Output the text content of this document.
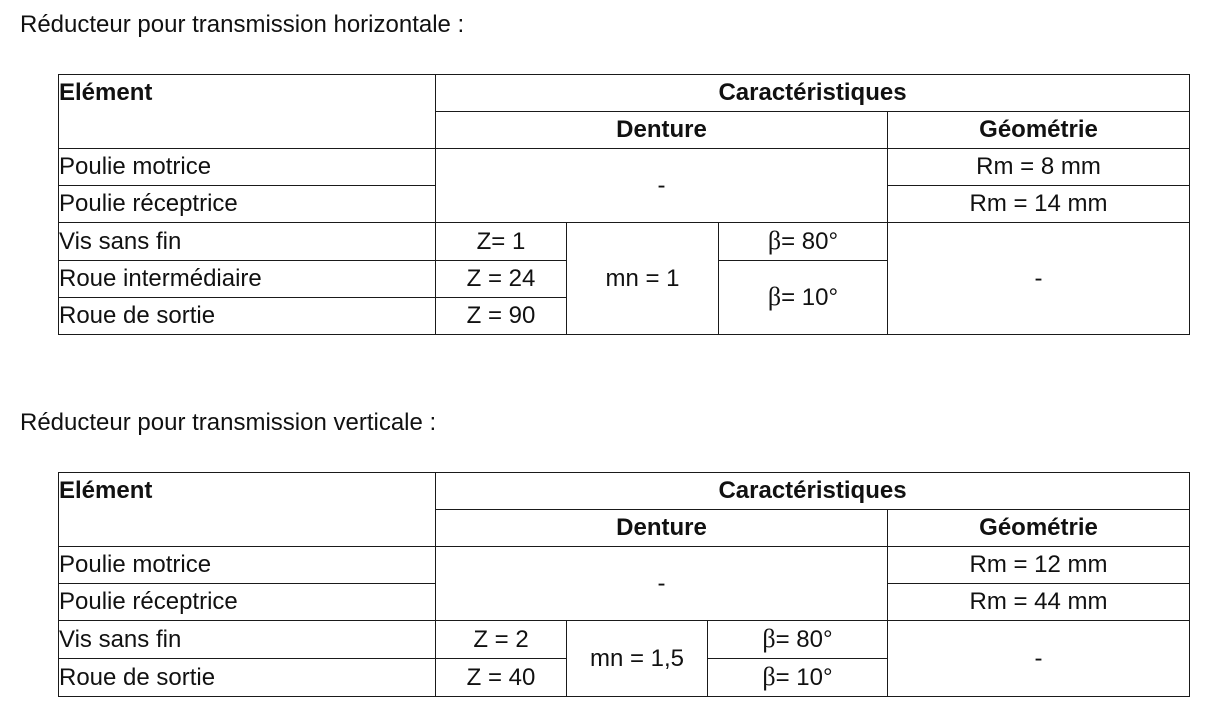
Réducteur pour transmission horizontale :

Elément	Caractéristiques			
	Denture			Géométrie
Poulie motrice	-			Rm = 8 mm
Poulie réceptrice				Rm = 14 mm
Vis sans fin	Z= 1	mn = 1	β= 80°	-
Roue intermédiaire	Z = 24		β= 10°	
Roue de sortie	Z = 90			

Réducteur pour transmission verticale :

Elément	Caractéristiques			
	Denture			Géométrie
Poulie motrice	-			Rm = 12 mm
Poulie réceptrice				Rm = 44 mm
Vis sans fin	Z = 2	mn = 1,5	β= 80°	-
Roue de sortie	Z = 40		β= 10°	
